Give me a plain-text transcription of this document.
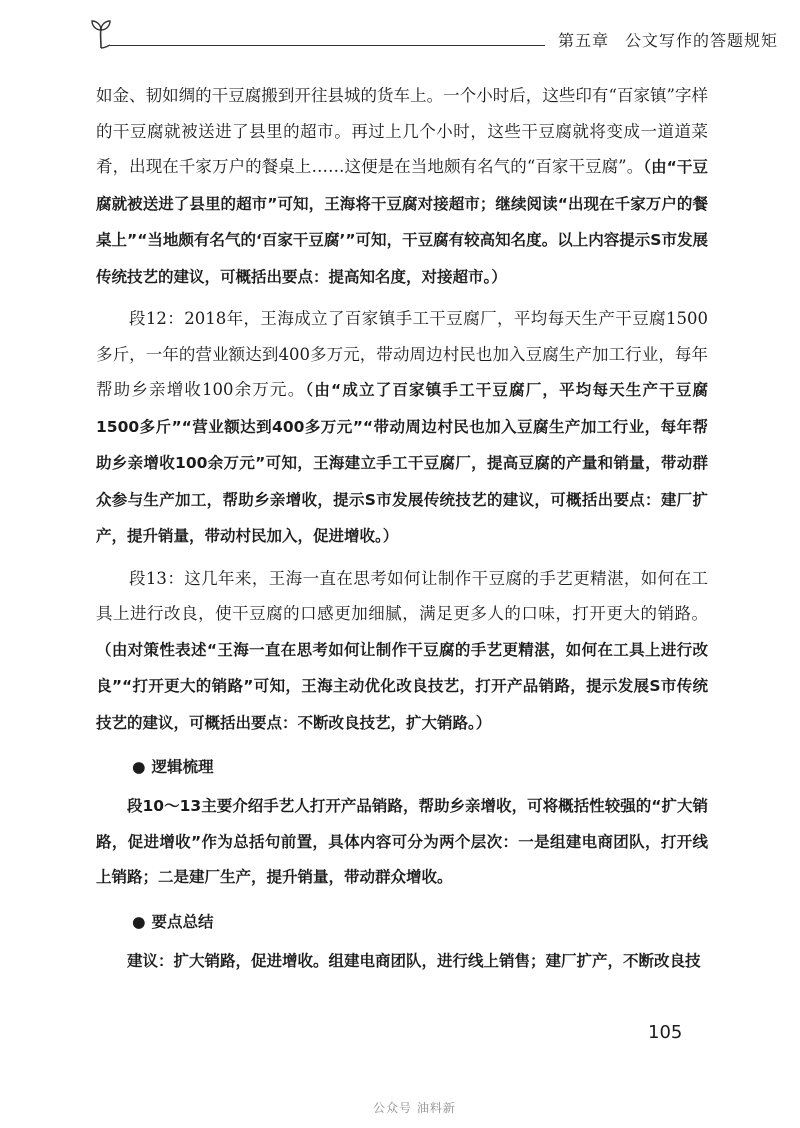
第五章 公文写作的答题规矩

如金、韧如绸的干豆腐搬到开往县城的货车上。一个小时后，这些印有“百家镇”字样的干豆腐就被送进了县里的超市。再过上几个小时，这些干豆腐就将变成一道道菜肴，出现在千家万户的餐桌上……这便是在当地颇有名气的“百家干豆腐”。（由“干豆腐就被送进了县里的超市”可知，王海将干豆腐对接超市；继续阅读“出现在千家万户的餐桌上”“当地颇有名气的‘百家干豆腐’”可知，干豆腐有较高知名度。以上内容提示S市发展传统技艺的建议，可概括出要点：提高知名度，对接超市。）

段12：2018年，王海成立了百家镇手工干豆腐厂，平均每天生产干豆腐1500多斤，一年的营业额达到400多万元，带动周边村民也加入豆腐生产加工行业，每年帮助乡亲增收100余万元。（由“成立了百家镇手工干豆腐厂，平均每天生产干豆腐1500多斤”“营业额达到400多万元”“带动周边村民也加入豆腐生产加工行业，每年帮助乡亲增收100余万元”可知，王海建立手工干豆腐厂，提高豆腐的产量和销量，带动群众参与生产加工，帮助乡亲增收，提示S市发展传统技艺的建议，可概括出要点：建厂扩产，提升销量，带动村民加入，促进增收。）

段13：这几年来，王海一直在思考如何让制作干豆腐的手艺更精湛，如何在工具上进行改良，使干豆腐的口感更加细腻，满足更多人的口味，打开更大的销路。（由对策性表述“王海一直在思考如何让制作干豆腐的手艺更精湛，如何在工具上进行改良”“打开更大的销路”可知，王海主动优化改良技艺，打开产品销路，提示发展S市传统技艺的建议，可概括出要点：不断改良技艺，扩大销路。）

● 逻辑梳理

段10～13主要介绍手艺人打开产品销路，帮助乡亲增收，可将概括性较强的“扩大销路，促进增收”作为总括句前置，具体内容可分为两个层次：一是组建电商团队，打开线上销路；二是建厂生产，提升销量，带动群众增收。

● 要点总结

建议：扩大销路，促进增收。组建电商团队，进行线上销售；建厂扩产，不断改良技

105
公众号 油料新
